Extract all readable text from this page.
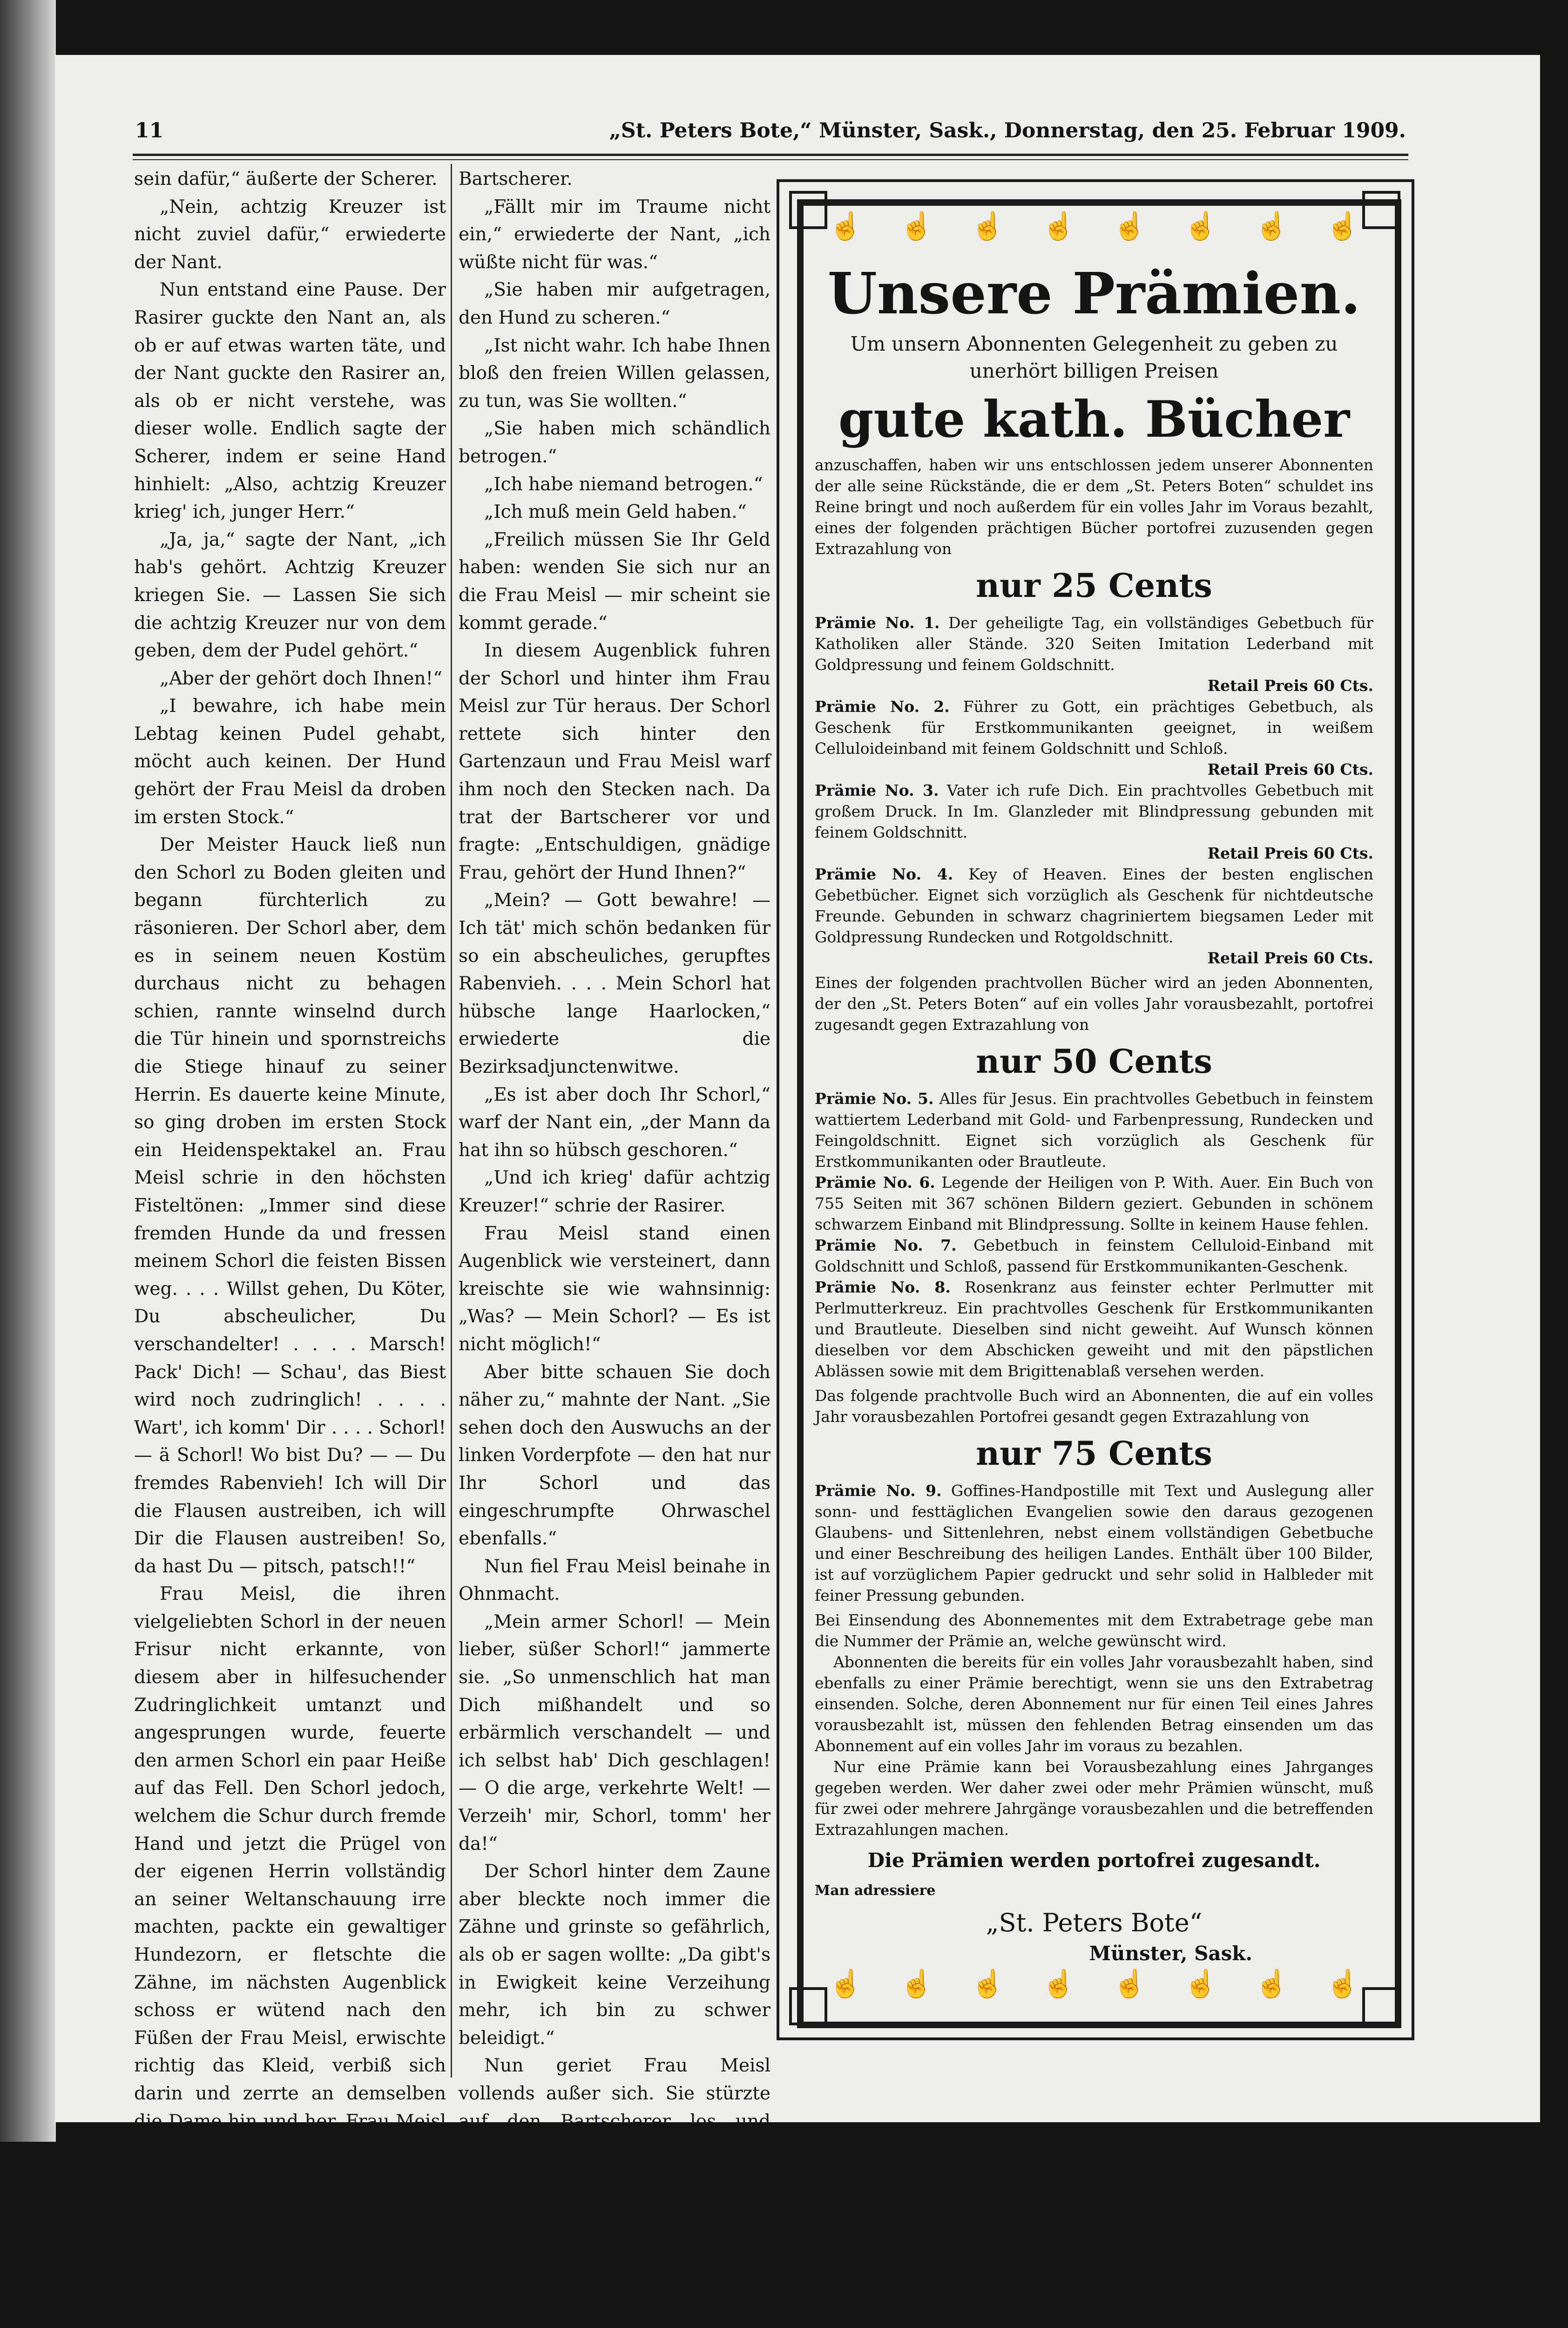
11	„St. Peters Bote,“ Münster, Sask., Donnerstag, den 25. Februar 1909.

sein dafür,“ äußerte der Scherer.

„Nein, achtzig Kreuzer ist nicht zuviel dafür,“ erwiederte der Nant.

Nun entstand eine Pause. Der Rasirer guckte den Nant an, als ob er auf etwas warten täte, und der Nant guckte den Rasirer an, als ob er nicht verstehe, was dieser wolle. Endlich sagte der Scherer, indem er seine Hand hinhielt: „Also, achtzig Kreuzer krieg' ich, junger Herr.“

„Ja, ja,“ sagte der Nant, „ich hab's gehört. Achtzig Kreuzer kriegen Sie. — Lassen Sie sich die achtzig Kreuzer nur von dem geben, dem der Pudel gehört.“

„Aber der gehört doch Ihnen!“

„I bewahre, ich habe mein Lebtag keinen Pudel gehabt, möcht auch keinen. Der Hund gehört der Frau Meisl da droben im ersten Stock.“

Der Meister Hauck ließ nun den Schorl zu Boden gleiten und begann fürchterlich zu räsonieren. Der Schorl aber, dem es in seinem neuen Kostüm durchaus nicht zu behagen schien, rannte winselnd durch die Tür hinein und spornstreichs die Stiege hinauf zu seiner Herrin. Es dauerte keine Minute, so ging droben im ersten Stock ein Heidenspektakel an. Frau Meisl schrie in den höchsten Fisteltönen: „Immer sind diese fremden Hunde da und fressen meinem Schorl die feisten Bissen weg. . . . Willst gehen, Du Köter, Du abscheulicher, Du verschandelter! . . . . Marsch! Pack' Dich! — Schau', das Biest wird noch zudringlich! . . . . Wart', ich komm' Dir . . . . Schorl! — ä Schorl! Wo bist Du? — — Du fremdes Rabenvieh! Ich will Dir die Flausen austreiben, ich will Dir die Flausen austreiben! So, da hast Du — pitsch, patsch!!“

Frau Meisl, die ihren vielgeliebten Schorl in der neuen Frisur nicht erkannte, von diesem aber in hilfesuchender Zudringlichkeit umtanzt und angesprungen wurde, feuerte den armen Schorl ein paar Heiße auf das Fell. Den Schorl jedoch, welchem die Schur durch fremde Hand und jetzt die Prügel von der eigenen Herrin vollständig an seiner Weltanschauung irre machten, packte ein gewaltiger Hundezorn, er fletschte die Zähne, im nächsten Augenblick schoss er wütend nach den Füßen der Frau Meisl, erwischte richtig das Kleid, verbiß sich darin und zerrte an demselben die Dame hin und her. Frau Meisl kreischte laut auf, dann ergriff sie einen Stock und schlug unbarmherzig auf den Schorl ein. Der Schorl mußte endlich erkennen, daß er der Schwächere sei und lief heulend die Stiege hinunter. Frau Meisl

Bartscherer.

„Fällt mir im Traume nicht ein,“ erwiederte der Nant, „ich wüßte nicht für was.“

„Sie haben mir aufgetragen, den Hund zu scheren.“

„Ist nicht wahr. Ich habe Ihnen bloß den freien Willen gelassen, zu tun, was Sie wollten.“

„Sie haben mich schändlich betrogen.“

„Ich habe niemand betrogen.“

„Ich muß mein Geld haben.“

„Freilich müssen Sie Ihr Geld haben: wenden Sie sich nur an die Frau Meisl — mir scheint sie kommt gerade.“

In diesem Augenblick fuhren der Schorl und hinter ihm Frau Meisl zur Tür heraus. Der Schorl rettete sich hinter den Gartenzaun und Frau Meisl warf ihm noch den Stecken nach. Da trat der Bartscherer vor und fragte: „Entschuldigen, gnädige Frau, gehört der Hund Ihnen?“

„Mein? — Gott bewahre! — Ich tät' mich schön bedanken für so ein abscheuliches, gerupftes Rabenvieh. . . . Mein Schorl hat hübsche lange Haarlocken,“ erwiederte die Bezirksadjunctenwitwe.

„Es ist aber doch Ihr Schorl,“ warf der Nant ein, „der Mann da hat ihn so hübsch geschoren.“

„Und ich krieg' dafür achtzig Kreuzer!“ schrie der Rasirer.

Frau Meisl stand einen Augenblick wie versteinert, dann kreischte sie wie wahnsinnig: „Was? — Mein Schorl? — Es ist nicht möglich!“

Aber bitte schauen Sie doch näher zu,“ mahnte der Nant. „Sie sehen doch den Auswuchs an der linken Vorderpfote — den hat nur Ihr Schorl und das eingeschrumpfte Ohrwaschel ebenfalls.“

Nun fiel Frau Meisl beinahe in Ohnmacht.

„Mein armer Schorl! — Mein lieber, süßer Schorl!“ jammerte sie. „So unmenschlich hat man Dich mißhandelt und so erbärmlich verschandelt — und ich selbst hab' Dich geschlagen! — O die arge, verkehrte Welt! — Verzeih' mir, Schorl, tomm' her da!“

Der Schorl hinter dem Zaune aber bleckte noch immer die Zähne und grinste so gefährlich, als ob er sagen wollte: „Da gibt's in Ewigkeit keine Verzeihung mehr, ich bin zu schwer beleidigt.“

Nun geriet Frau Meisl vollends außer sich. Sie stürzte auf den Bartscherer los und geiferte: „Sie Lump, Sie Fallott, Sie Dahergelaufener! — Sie haben meinen lieben Schorl so miserabel zugerichtet, daß ich ihn nicht mehr kenne — — ich kratz' Ihnen die Augen aus!“

„Der Hund ist nunmehr viel

☝ ☝ ☝ ☝ ☝ ☝ ☝ ☝
☝ ☝ ☝ ☝ ☝ ☝ ☝ ☝
Unsere Prämien.
Um unsern Abonnenten Gelegenheit zu geben zu unerhört billigen Preisen
gute kath. Bücher
anzuschaffen, haben wir uns entschlossen jedem unserer Abonnenten der alle seine Rückstände, die er dem „St. Peters Boten“ schuldet ins Reine bringt und noch außerdem für ein volles Jahr im Voraus bezahlt, eines der folgenden prächtigen Bücher portofrei zuzusenden gegen Extrazahlung von
nur 25 Cents
Prämie No. 1. Der geheiligte Tag, ein vollständiges Gebetbuch für Katholiken aller Stände. 320 Seiten Imitation Lederband mit Goldpressung und feinem Goldschnitt.
Retail Preis 60 Cts.
Prämie No. 2. Führer zu Gott, ein prächtiges Gebetbuch, als Geschenk für Erstkommunikanten geeignet, in weißem Celluloideinband mit feinem Goldschnitt und Schloß.
Retail Preis 60 Cts.
Prämie No. 3. Vater ich rufe Dich. Ein prachtvolles Gebetbuch mit großem Druck. In Im. Glanzleder mit Blindpressung gebunden mit feinem Goldschnitt.
Retail Preis 60 Cts.
Prämie No. 4. Key of Heaven. Eines der besten englischen Gebetbücher. Eignet sich vorzüglich als Geschenk für nichtdeutsche Freunde. Gebunden in schwarz chagriniertem biegsamen Leder mit Goldpressung Rundecken und Rotgoldschnitt.
Retail Preis 60 Cts.
Eines der folgenden prachtvollen Bücher wird an jeden Abonnenten, der den „St. Peters Boten“ auf ein volles Jahr vorausbezahlt, portofrei zugesandt gegen Extrazahlung von
nur 50 Cents
Prämie No. 5. Alles für Jesus. Ein prachtvolles Gebetbuch in feinstem wattiertem Lederband mit Gold- und Farbenpressung, Rundecken und Feingoldschnitt. Eignet sich vorzüglich als Geschenk für Erstkommunikanten oder Brautleute.
Prämie No. 6. Legende der Heiligen von P. With. Auer. Ein Buch von 755 Seiten mit 367 schönen Bildern geziert. Gebunden in schönem schwarzem Einband mit Blindpressung. Sollte in keinem Hause fehlen.
Prämie No. 7. Gebetbuch in feinstem Celluloid-Einband mit Goldschnitt und Schloß, passend für Erstkommunikanten-Geschenk.
Prämie No. 8. Rosenkranz aus feinster echter Perlmutter mit Perlmutterkreuz. Ein prachtvolles Geschenk für Erstkommunikanten und Brautleute. Dieselben sind nicht geweiht. Auf Wunsch können dieselben vor dem Abschicken geweiht und mit den päpstlichen Ablässen sowie mit dem Brigittenablaß versehen werden.
Das folgende prachtvolle Buch wird an Abonnenten, die auf ein volles Jahr vorausbezahlen Portofrei gesandt gegen Extrazahlung von
nur 75 Cents
Prämie No. 9. Goffines-Handpostille mit Text und Auslegung aller sonn- und festtäglichen Evangelien sowie den daraus gezogenen Glaubens- und Sittenlehren, nebst einem vollständigen Gebetbuche und einer Beschreibung des heiligen Landes. Enthält über 100 Bilder, ist auf vorzüglichem Papier gedruckt und sehr solid in Halbleder mit feiner Pressung gebunden.
Bei Einsendung des Abonnementes mit dem Extrabetrage gebe man die Nummer der Prämie an, welche gewünscht wird.
Abonnenten die bereits für ein volles Jahr vorausbezahlt haben, sind ebenfalls zu einer Prämie berechtigt, wenn sie uns den Extrabetrag einsenden. Solche, deren Abonnement nur für einen Teil eines Jahres vorausbezahlt ist, müssen den fehlenden Betrag einsenden um das Abonnement auf ein volles Jahr im voraus zu bezahlen.
Nur eine Prämie kann bei Vorausbezahlung eines Jahrganges gegeben werden. Wer daher zwei oder mehr Prämien wünscht, muß für zwei oder mehrere Jahrgänge vorausbezahlen und die betreffenden Extrazahlungen machen.
Die Prämien werden portofrei zugesandt.
Man adressiere
„St. Peters Bote“
Münster, Sask.
